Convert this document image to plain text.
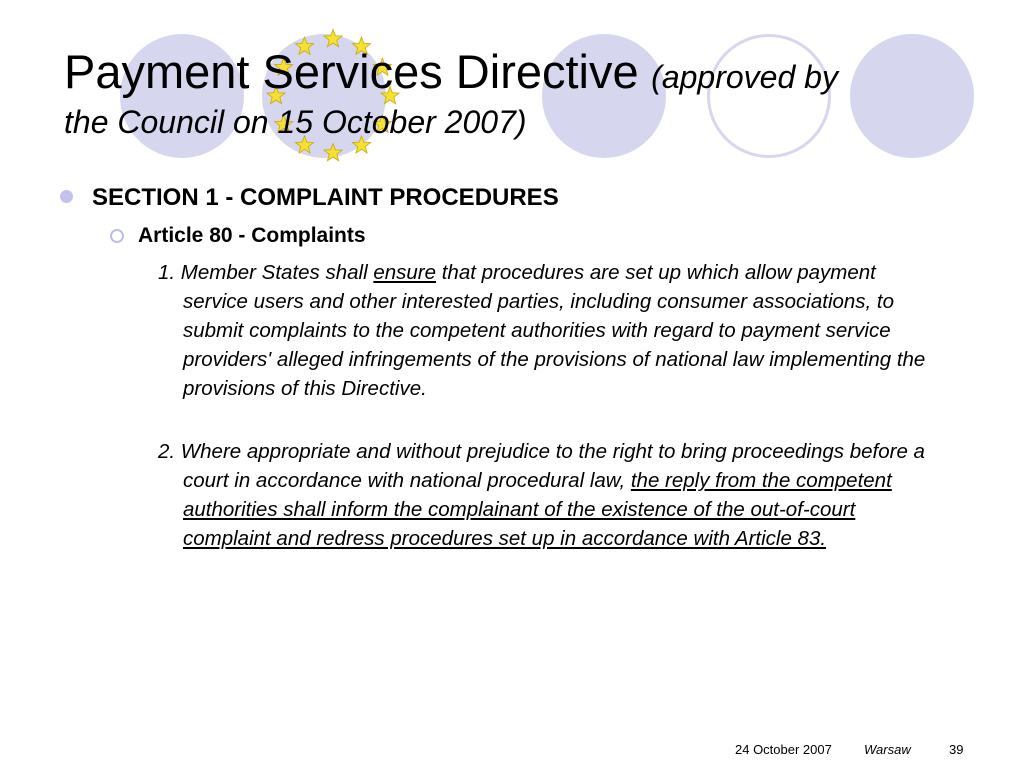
Payment Services Directive (approved by
the Council on 15 October 2007)
SECTION 1 - COMPLAINT PROCEDURES
Article 80 - Complaints
1. Member States shall ensure that procedures are set up which allow payment service users and other interested parties, including consumer associations, to submit complaints to the competent authorities with regard to payment service providers' alleged infringements of the provisions of national law implementing the provisions of this Directive.
2. Where appropriate and without prejudice to the right to bring proceedings before a court in accordance with national procedural law, the reply from the competent authorities shall inform the complainant of the existence of the out-of-court complaint and redress procedures set up in accordance with Article 83.
24 October 2007 Warsaw	39
